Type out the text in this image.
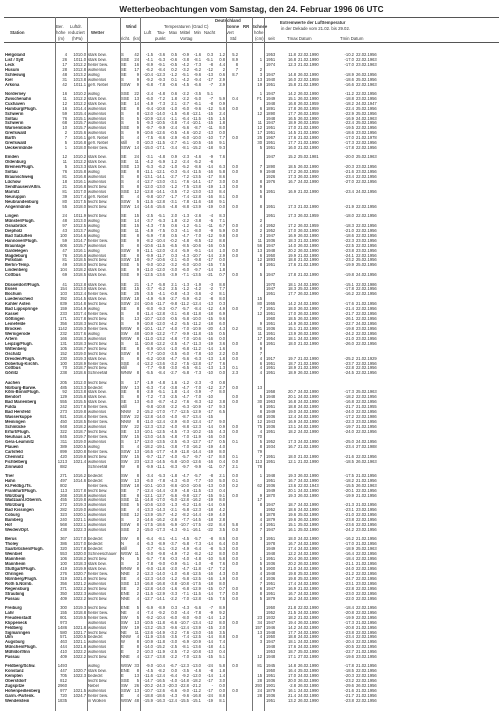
Wetterbeobachtungen vom Samstag, den 24. Februar 1996 06 UTC
Deutschland
Station
Ber. Luftdr.
höhe reduziert
(m) (hPa)
Wetter
Wind
richt. (kn)
Temperaturen (Grad C)
Luft Tau- Max Mittel Min Nacht
punkt	Vortag
Sonne RR Schnee
Vert
Std
höhe
(cm)
Extremwerte der Lufttemperatur
in der Dekade vom 21.02. bis 29.02.
seit	Tmax Datum	Tmin Datum
Helgoland	4	1010.0 stark bew.	S	42	-1.5	-3.6	0.5	-0.9	-1.6	0.3	1.2	5.2	1953	11.8 22.02.1990	-10.2 22.02.1956
List / Sylt	26	1011.0 stark bew.	SSE	24	-4.1	-5.3	-0.6	-3.8	-8.1	-5.1	0.8	8.9	1 1951	16.8 21.02.1990	-17.0 22.02.1963
Leck	17	1012.2 heiter bew.	SE	16	-8.9	-9.1	-0.5	-4.2	-7.3	-8	4.4	8	1974	12.3 21.02.1990	-17.0 23.02.1963
Husum	28	1012.8 wolkenlos	SE	17	-6.2	-8.4	0.2	-3.2	-6.2	-12	2	7	2
Schleswig	48	1013.2 wolkig	SE	9	-10.4 -12.3	-1.2	-5.1	-9.6	-13	0.6	8.7	3 1947	14.8 26.02.1990	-18.9 26.02.1956
Kiel	31	1013.8 wolkenlos	S	9	-9.2	-9.3	0.1	-4.2	-9.4	-17	2.9	13 1940	16.0 22.02.1959	-18.6 25.02.1956
Arkona	42	1011.1 gefr. Nebel	SSW	9	-6.8	-7.8	-0.6	-4.5	-6.6	-7	2.9	19 1951	15.8 21.02.1990	-16.6 22.02.1963
Norderney	16	1010.2 wolkig	SSE	22	-2.4	-4.8	0.6	-2.2	-3.5	5.1	1 1947	14.2 26.02.1990	-11.2 22.02.1956
Zwischenahn	11	1012.2 stark bew.	SSE	13	-6.0	-7.2	1.8	-2.2	-5.0	-7	5.9	0.4	F1 1949	15.1 26.02.1990	-18.8 23.02.1956
Cuxhaven	12	1012.2 stark bew.	SE	14	-4.9	-7.3	2.1	-2.7	-6.1	-8	0.9	1948	16.8 26.02.1959	-18.2 24.02.1947
Hamburg/Flugh.	16	1014.4 wolkenlos	SE	8	-9.4 -10.8	-1.0	-6.0	-9.6	-12	5.8	0.0	6 1891	17.8 26.02.1959	-22.4 25.02.1956
Schwerin	59	1015.4 wolkenlos	S	8	-12.0 -14.0	-1.5	-6.8 -12.1	-15	2.4	12 1890	17.7 26.02.1959	-22.9 25.02.1956
Soltau	76	1015.1 wolkenlos	S	5	-10.9 -12.4	-1.1	-6.4 -11.5	-15	1.5	1948	16.5 26.02.1990	-16.9 24.02.1963
Schwerin	68	1015.7 wolkenlos	S	5	-9.3 -10.5	-3.8	-7.4 -10.1	-15	1.8	11 1947	18.9 26.02.1959	-22.4 25.02.1956
Warnemünde	10	1015.7 wolkenlos	SSE	9	-9.7	-9.9	-2.4	-5.6	-8.7	-11	8.0	12 1951	17.0 21.02.1990	-19.5 22.02.1956
Greifswald	2	1015.6 wolkenlos	S	9	-10.6 -12.6	-0.5	-4.6 -10.2	-13	0.0	17 1951	14.5 21.02.1990	-18.6 23.02.1956
Barth	7	1016.1 gefr. Nebel	S	4	-7.5	-8.6	-2.9	-6.0 -10.0	-10	7.7	0.0	25 1967	17.6 21.02.1990	-17.0 21.02.1978
Greifswald	5	1016.8 gefr. Nebel	still	0	-10.3 -11.5	-2.7	-6.1 -10.5	-16	9.1	30 1951	17.7 21.02.1990	-17.3 22.02.1956
Ueckermünde	1	1018.0 heiter bew.	SSW 14	-15.0 -17.1	-3.4	-8.1 -15.2	-18	9.3	5 1951	16.0 21.02.1990	-17.8 22.02.1956
Emden	12	1010.2 stark bew.	SE	24	-3.1	-4.8	0.9	-2.3	-4.6	-9	7.6	1947	15.2 25.02.1981	-20.0 25.02.1963
Oldenburg	11	1012.2 stark bew.	SE	11	-4.2	-5.9	1.2	-2.4	-5.2	-6
Bremen/Flugh.	5	1013.3 stark bew.	SSE	13	-5.3	-6.2	-1.0	-5.2	-8.6	-14	6.3	0.0	7 1890	18.5 26.02.1990	-20.3 23.02.1956
Soltau	76	1015.8 wolkig	SE	8	-11.1 -12.1	-0.3	-5.4 -11.5	-16	5.8	0.0	9 1948	17.2 26.02.1959	-21.6 23.02.1956
Braunschweig	81	1016.8 wolkenlos	S	8	-13.1 -14.1	-2.7	-7.2 -13.5	-17	8.6	1926	17.3 26.02.1990	-23.4 22.02.1956
Lüchow	18	1016.1 wolkenlos	S	4	-12.7 -13.0	-3.1	-7.6 -14.1	-17	3.0	0.0	8 1976	16.7 24.02.1990	-27.0 22.02.1956
Sendhausen/Altm.	21	1016.8 leicht bew.	S	8	-12.0 -13.0	-1.2	-7.5 -13.8	-19	1.3	0.0	9
Marnitz	81	1017.0 wolkenlos	SSE	12	-12.8 -14.1	-3.5	-7.2 -13.0	-13	8.4	5 1951	16.9 21.02.1990	-23.4 24.02.1956
Neuruppin	39	1017.4 gefr. Nebel	E	4	-9.8 -10.7	-1.7	-7.4 -12.8	-16	8.1	0.0	6
Neubrandenburg	80	1017.5 leicht bew.	SSW	5	-11.5 -12.8	-3.1	-7.8 -11.6	-18	9.1
Angermünde	55	1018.0 leicht bew.	SSW 14	-14.6 -15.6	-4.8	-8.8 -13.9	-19	0.0	0.0	8 1951	17.3 21.02.1990	-21.9 22.02.1956
Lingen	24	1011.9 leicht bew.	SE	15	-2.5	-5.1	2.0	-1.3	-2.6	-4	8.3	1951	17.3 26.02.1959	-18.0 22.02.1956
Münster/Flugh.	48	1013.0 wolkig	SE	14	-3.7	-5.3	1.8	-2.2	-3.8	-5	7.1	2
Osnabrück	97	1012.5 wolkig	SE	15	-4.3	-7.5	0.6	-1.2	-5.1	-11	6.7	0.0	4 1952	17.2 26.02.1959	-18.3 22.02.1956
Diepholz	43	1013.7 wolkig	SE	11	-4.9	-7.5	0.3	-4.1	-8.0	-9	5.9	0.0	2 1952	17.0 26.02.1990	-21.0 22.02.1956
Bad Salzuflen	100	1014.6 wolkig	SE	8	-5.9	-7.8	0.5	-4.7	-7.0	-12	9.8	0.0	3 1947	16.9 26.02.1990	-18.6 22.02.1956
Hannover/Flugh.	59	1014.7 heiter bew.	SE	9	-8.2 -10.4	-0.2	-4.8	-8.5	-12	8.8	11 1936	18.3 21.02.1990	-22.3 23.02.1956
Braunlage	606	1015.7 wolkenlos	S	8	-10.6 -11.5	-6.5	-8.5 -10.6	-16	0.5	56 1947	14.0 26.02.1990	-22.5 22.02.1956
Gardelegen	47	1016.1 wolkig	SSW	9	-11.1 -12.0	-2.4	-5.9	-9.1	-14	1.0	0.0	13 1948	20.2 26.02.1990	-23.8 23.02.1956
Magdeburg	76	1016.8 wolkenlos	SE	8	-9.9 -11.7	0.3	-4.3 -10.7	-14	2.9	0.0	6 1950	19.9 21.02.1990	-24.1 22.02.1956
Potsdam	81	1018.5 leicht bew.	SSW 18	-9.7 -10.6	-2.1	-6.0	-9.8	-17	0.0	12 1893	18.8 21.02.1990	-23.2 25.02.1956
Berlin-Temp.	49	1018.0 leicht bew.	SSE	5	-9.0 -10.2	-3.2	-6.0 -10.0	-15	7.5	8 1951	17.6 21.02.1990	-19.9 25.02.1956
Lindenberg	104	1018.2 stark bew.	SE	9	-11.0 -12.0	-3.0	-6.0	-9.7	-14	1.8
Cottbus	69	1018.5 stark bew.	SSE	9	-12.5 -13.6	-3.9	-7.1 -13.5	-21	0.7	0.0	5 1947	17.8 21.02.1990	-19.8 24.02.1956
Düsseldorf/Flugh.	41	1012.8 stark bew.	SE	21	-1.7	-5.8	2.1	-1.3	-1.9	-3	8.8	1970	18.1 24.02.1990	-15.1 22.02.1986
Essen	154	1013.0 stark bew.	SE	15	-3.7	-6.2	2.5	-1.2	-4.2	-2	7.7	1947	18.3 25.02.1990	-17.8 22.02.1956
Bochum	103	1012.4 heiter bew.	SE	25	-3.5	-4.1	-0.8	-4.3	-3.6	-2	8.1	1951	17.7 26.02.1990	-16.2 22.02.1956
Luedenscheid	392	1014.5 stark bew.	SSW 18	-4.9	-5.9	-2.7	-5.9	-6.2	-8	8.0	15
Kahler Asten	839	1014.8 leicht bew.	SSW 24	-10.6 -11.7	-9.8 -11.2 -12.4	-13	0.3	80 1955	14.2 24.02.1990	-17.6 21.02.1956
Bad Lippspringe	159	1014.9 wolkig	SE	8	-8.0	-9.3	-0.7	-5.7	-8.4	-12	4.9	0.0	7 1951	18.0 26.02.1990	-21.4 22.02.1956
Kassel	233	1017.4 heiter bew.	S	8	-11.4 -12.8	-3.1	-6.8 -11.8	-18	6.9	12 1951	17.0 26.02.1990	-21.7 22.02.1956
Göttingen	171	1017.8 leicht bew.	S	13	-10.7 -12.0	-0.5	-5.8 -10.0	-15	9.6	1960	18.5 26.02.1990	-26.1 22.02.1956
Leinefelde	356	1018.3 leicht bew.	S	9	-10.8 -12.0	-4.2	-5.5 -11.2	-18	6.0	9 1951	14.9 26.02.1990	-22.7 24.02.1956
Brocken	1142	1019.3 heiter bew.	WSW	8	-10.1 -11.7	-4.0	-7.0 -10.9	-20	4.3	0.2	81 1936	15.1 21.02.1990	-19.8 23.02.1956
Wernigerode	232	1017.6 wolkig	SW	48	-10.9 -12.2	-7.7	-9.9 -11.8	-15	0.5	11 1951	13.9 26.02.1990	-24.2 22.02.1956
Artern	166	1018.3 wolkenlos	WSW	8	-11.0 -13.2	-4.8	-7.0 -10.6	-16	0.0	17 1954	18.1 24.02.1990	-21.0 23.02.1956
Leipzig/Flugh.	131	1018.3 leicht bew.	S	11	-10.8 -12.2	-2.5	-4.7 -11.3	-19	3.6	0.0	6 1951	18.0 21.02.1990	-26.0 22.02.1956
Wittenberg	105	1018.7 leicht bew.	SE	8	-8.9 -10.4	-1.0	-6.8 -11.2	-14	1.6	9
Oschatz	152	1019.0 leicht bew.	SSW	8	-7.7 -10.0	-3.5	-6.0	-7.8	-10	2.2	0.0	7
Dresden/Flugh.	230	1019.3 stark bew.	S	8	-6.2 -10.8	-4.7	-5.6	-6.3	-13	1.8	0.0	4 1917	19.7 21.02.1990	-25.2 21.02.1929
Doberlug-Kirchh.	100	1018.9 heiter bew.	SSE	4	-12.2 -13.6	-3.2	-7.5 -12.8	-17	7.6	6 1951	18.7 21.02.1990	-23.7 22.02.1956
Cottbus	70	1018.7 leicht bew.	still	-7.7	-9.8	-3.0	-6.5	-8.1	-13	1.3	0.1	4 1951	18.9 21.02.1990	-22.8 22.02.1956
Görlitz	238	1018.6 Schneefall	WNW	8	-5.5	-8.4	-2.7	-5.8	-7.3	-10	0.0	2.3	4 1951	18.9 26.02.1990	-24.5 22.02.1956
Aachen	205	1012.0 leicht bew.	S	17	-1.9	-4.8	1.6	-1.2	-2.3	-3	0.8
Nürburg-Barwe.	485	1013.3 bedeckt	SW	13	-6.3	-7.4	-3.8	-4.7	-7.0	-12	2.7	0.0	13
Köln-Bonn/Flugh.	92	1013.8 stark bew.	SE	8	-2.9	-5.1	1.8	-1.4	-3.9	-7	8.0	1958	20.7 24.02.1990	-17.3 25.02.1963
Bendorf	129	1015.8 stark bew.	S	8	-7.2	-7.3	-2.5	-4.7	-7.0	-10	0.0	5 1948	20.1 24.02.1990	-18.2 22.02.1956
Bad Marienberg	555	1015.5 stark bew.	SE	13	-6.0	-8.7	-4.2	-7.6	-8.3	-12	3.8	0.0	30 1963	16.8 24.02.1990	-16.8 22.02.1956
Fulda	242	1017.6 heiter bew.	still	-9.8 -10.8	-2.2	-6.3 -10.9	-17	9.3	6 1951	18.8 24.02.1990	-21.7 21.02.1955
Bad Hersfeld	273	1019.8 wolkenlos	NNW	2	-15.2 -17.0	-7.7 -12.5 -12.9	-17	6.5	8 1949	19.0 24.02.1990	-24.0 22.02.1956
Wasserkuppe	921	1018.4 heiter bew.	SSW 22	-12.8 -14.0	-4.0	-8.7 -13.4	-15	68 1936	12.4 24.02.1990	-17.2 22.02.1986
Meiningen	450	1018.5 heiter bew.	NNW	8	-11.0 -12.4	-2.9	-8.0 -12.4	-17	9.0	12 1943	16.9 24.02.1990	-22.3 23.02.1956
Schmücke	948	1018.2 wolkenlos	SW	22	-12.3 -13.2	-4.0	-8.8 -12.3	-14	0.9	0.0	75 1936	13.1 24.02.1990	-19.7 21.02.1956
Erfurt/Flugh.	322	1018.7 leicht bew.	SE	13	-10.1 -12.5	-4.5	-7.3 -10.2	-15	4.3	0.0	4 1951	18.2 24.02.1990	-24.0 22.02.1956
Neuhaus a.R.	845	1019.7 heiter bew.	SW	15	-13.0 -14.5	-4.8	-7.0 -11.9	-16	0.0	70
Gera-Leumnitz	311	1019.0 wolkenlos	S	17	-12.0 -13.5	-2.5	-6.3 -12.7	-17	0.5	0.1	5 1952	17.3 24.02.1990	-25.0 24.02.1956
Plauen	389	1020.5 wolkig	S	4	-18.2 -19.1	-3.8	-7.0 -16.2	-19	4.0	8 1934	16.7 21.02.1990	-23.4 27.02.1988
Carlsfeld	899	1020.8 heiter bew.	SSW 13	-16.5 -17.7	-4.9 -11.8 -14.4	-19	8.0	79
Chemnitz	420	1019.8 leicht bew.	SW	15	-9.7 -11.7	-4.0	-5.7	-9.7	-17	8.0	0.1	7 1951	18.0 21.02.1990	-21.6 22.02.1956
Fichtelberg	1213	1021.4 wolkenlos	SW	23	-12.3 -14.5	-5.8 -10.0 -12.6	-16	0.4	0.0	113 1951	12.1 21.02.1990	-18.5 26.02.1963
Zinnwald	882	Schneefall	W	8	-9.9 -11.1	-8.3	-9.7	-9.9	-11	0.7	2.1	78
Trier	271	1016.2 bedeckt	SW	8	-3.4	-5.3	-1.8	-4.7	-5.7	-8	2.1	0.0	1 1948	19.3 26.02.1990	-17.5 21.02.1956
Hahn	497	1014.6 bedeckt	SW	13	-6.0	-7.8	-4.3	-6.0	-7.7	-10	5.0	0.1	1951	16.7 24.02.1990	-18.2 21.02.1956
Kl.Feldbg./Ts.	802	heiter bew.	SSW 18	-10.1 -10.3	-8.6 -10.0 -10.6	-13	0.0	0.2	62 1936	13.6 22.02.1943	-15.5 26.02.1963
Frankfurt/Flugh.	113	1017.8 leicht bew.	SE	7	-12.4 -14.4	-2.9	-4.8 -11.5	-13	0.4	1949	20.1 24.02.1990	-20.1 22.02.1956
Würzburg	268	1018.8 wolkenlos	SE	8	-12.1 -12.7	-5.6	-9.8 -12.7	-15	9.1	0.0	9 1870	19.3 26.02.1990	-19.9 21.02.1956
Wadzaanl./Obernh.	455	1019.8 wolkenlos	SSE	11	-14.8 -17.0	-5.0 -12.8 -16.2	-19	8.0	17
Würzburg	272	1019.3 wolkenlos	SSE	5	-10.6 -12.0	-1.3	-6.2 -11.6	-14	0.6	8 1947	18.7 24.02.1990	-21.3 21.02.1956
Bad Kissingen	282	1019.0 wolkenlos	SE	4	-13.3 -14.3	-2.1	-5.8 -12.3	-18	4.2	1952	18.6 24.02.1990	-23.1 23.02.1956
Coburg	323	1020.1 wolkenlos	SSE	12	-13.9 -15.7	-4.2	-8.2 -14.4	-19	4.0	6 1878	19.6 25.02.1990	-21.0 22.02.1956
Bamberg	240	1021.1 wolkenlos	S	2	-14.6 -16.2	-2.6	-7.7 -14.5	-18	2.8	4 1879	19.6 26.02.1990	-23.8 22.02.1956
Hof	568	1022.1 wolkenlos	SSW	8	-17.5 -18.6	-5.9 -10.7 -17.5	-22	8.4	5.8	4 1951	15.1 25.02.1990	-23.6 22.02.1956
Weiden/Opf.	438	1022.3 wolkenlos	SSE	2	-15.0 -17.3	-4.3	-9.1 -16.1	-22	3.5	0.0	7 1947	16.1 25.02.1990	-24.2 23.02.1956
Berus	367	1017.0 bedeckt	SW	8	-6.4	-8.1	-4.1	-4.5	-5.7	-8	8.5	0.0	3 1951	18.0 24.02.1990	-16.2 21.02.1956
Tholey	386	1017.0 bedeckt	N	4	-6.3	-8.9	-3.7	-5.8	-7.3	-14	6.4	0.0	1978	16.7 24.02.1990	-17.0 21.02.1956
Saarbrücken/Flugh.	320	1017.8 bedeckt	still	-3.7	-5.1	-3.2	-4.9	-6.4	-8	5.3	0.0	1949	17.4 24.02.1990	-18.9 25.02.1963
Weinbiet	553	1020.0 Schneeschauer	WSW 11	-9.0	-9.8	-4.9	-7.2	-8.2	-12	8.0	0.0	1948	12.2 24.02.1990	-16.4 22.02.1956
Mannheim	106	1018.2 leicht bew.	N	5	-5.7	-7.6	-0.3	-4.0	-4.8	-10	5.8	0.0	1 1951	20.4 26.02.1990	-18.4 22.02.1956
Mannheim	100	1018.3 stark bew.	S	2	-7.8	-9.0	-0.9	-5.1	-1.0	-8	7.6	0.0	5 1936	20.2 26.02.1990	-21.1 21.02.1956
Stuttgart/Flugh.	419	1019.9 stark bew.	WNW	8	-9.0 -11.8	-2.0	-4.7 -11.8	-17	7.2	5 1900	21.0 24.02.1990	-24.0 22.02.1956
Öhringen	276	1020.7 heiter bew.	NNE	2	-12.3 -14.0	-1.0	-6.8 -12.5	-16	4.3	0.0	4 1948	19.8 25.02.1990	-21.2 22.02.1956
Nürnberg/Flugh.	319	1021.0 leicht bew.	SE	4	-12.3 -14.0	-1.2	-5.8 -12.5	-16	1.9	0.0	4 1936	19.8 25.02.1990	-24.7 22.02.1956
Roth b.Nürnb.	356	1021.2 wolkenlos	SSE	13	-16.8 -16.8	-3.8 -10.8 -17.5	-18	8.0	7 1951	17.4 24.02.1990	-23.1 23.02.1956
Regensburg	371	1022.2 leicht bew.	SE	2	-12.8 -14.0	-1.6	-6.8 -12.9	-15	0.7	0.0	6 1947	16.9 21.02.1990	-22.8 22.02.1956
Straubing	350	1022.3 wolkenlos	ENE	2	-11.5 -12.9	-3.3	-7.1 -11.5	-14	7.7	0.0	8 1951	16.7 24.02.1990	-23.0 22.02.1956
Passau	409	1022.2 leicht bew.	NNE	4	-12.7 -14.1	-2.2	-7.0 -12.8	-15	7.5	0.0	5 1879	16.2 24.02.1990	-22.0 22.02.1956
Freiburg	300	1019.3 leicht bew.	ENE	5	-5.9	-8.9	0.3	-4.3	-5.6	-7	8.9	1950	21.8 22.02.1990	-18.4 22.02.1956
Lahr	155	1018.8 heiter bew.	NE	4	-7.4	-9.2	0.0	-4.4	-7.8	-9	9.2	1952	21.5 24.02.1990	-20.8 22.02.1956
Freudenstadt	801	1019.5 heiter bew.	SW	5	-9.2 -10.4	-6.0	-8.0	-9.0	-14	1.2	23 1932	18.2 21.02.1990	-19.9 22.02.1956
Klippeneck	973	wolkenlos	SW	13	-10.5 -11.8	-6.6 -10.7 -13.4	-12	8.0	0.0	34 1947	19.4 26.02.1990	-17.3 21.02.1956
Feldberg	1486	1021.8 wolkenlos	SW	19	-13.2 -15.3	-9.6 -12.4 -13.9	-15	2.0	157 1946	14.2 24.02.1990	-20.8 21.02.1956
Sigmaringen	580	1021.7 leicht bew.	NE	11	-12.6 -14.9	-3.2	-7.6 -13.0	-16	3.5	13 1948	17.7 24.02.1990	-23.8 22.02.1956
Ulm	571	1020.5 bedeckt	NNW	4	-11.9 -13.6	-3.5	-7.4 -12.5	-14	8.8	0.0	4 1950	18.8 24.02.1990	-23.4 22.02.1956
Augsburg	463	1021.1 wolkenlos	W	8	-10.9 -11.8	-3.0	-6.9 -10.9	-14	7.4	3 1947	18.1 24.02.1990	-20.4 22.02.1956
München/Flugh.	444	1021.8 wolkenlos	E	8	-14.0 -15.2	-2.5	-8.1 -13.6	-18	4.1	1948	17.6 24.02.1990	-20.5 22.02.1956
Mühldorf/Inn	410	1022.2 wolkenlos	E	2	-10.3 -11.9	-2.5	-7.2 -10.8	-13	0.4	1953	18.7 25.02.1990	-22.7 21.02.1956
Passau	409	1022.2 leicht bew.	NNE	4	-12.7 -13.8	-2.2	-7.0 -12.5	-15	5.1	12 1948	17.1 27.02.1990	-19.6 23.02.1956
Feldberg/Schw.	1493	wolkig	WSW 33	-9.0 -10.4	-6.7 -12.3 -13.0	-24	5.8	0.0	81 1945	14.8 26.02.1990	-17.8 21.02.1956
Konstanz	447	1020.7 stark bew.	ENE	8	-4.5	-8.2	0.0	-3.5	-4.6	-8	1.8	1950	16.4 25.02.1990	-18.5 22.02.1956
Kempten	705	1022.3 bedeckt	E	13	-11.6 -12.4	-6.4	-9.2 -12.0	-14	1.4	15 1951	17.0 24.02.1990	-20.3 22.02.1956
Oberstdorf	812	leicht bew.	SSE	5	-14.7 -16.5	-4.0 -14.8 -18.2	-17	3.0	28 1936	20.0 26.02.1990	-23.2 22.02.1956
Zugspitze	2960	Nebel	SW	26	-20.2 -24.3 -20.3 -22.8 -21.2	-	0.0	293 1901	-2.8 26.02.1990	-29.6 26.02.1956
Hohenpeißenberg	977	1021.5 wolkenlos	SSW 13	-10.7 -12.6	-6.6	-9.0 -11.2	-17	0.0	0.0	24 1879	16.1 24.02.1990	-21.6 21.02.1956
Garm.-Partenk.	720	1024.7 heiter bew.	E	4	-18.8 -18.6	-4.3	-9.6 -16.8	-24	8.8	28 1936	21.4 24.02.1990	-21.7 21.02.1956
Wendelstein	1835	in Wolken	WSW 48	-15.9 -16.3 -12.4 -15.5 -15.1	-19	8.1	1951	13.2 26.02.1990	-23.8 22.02.1956
